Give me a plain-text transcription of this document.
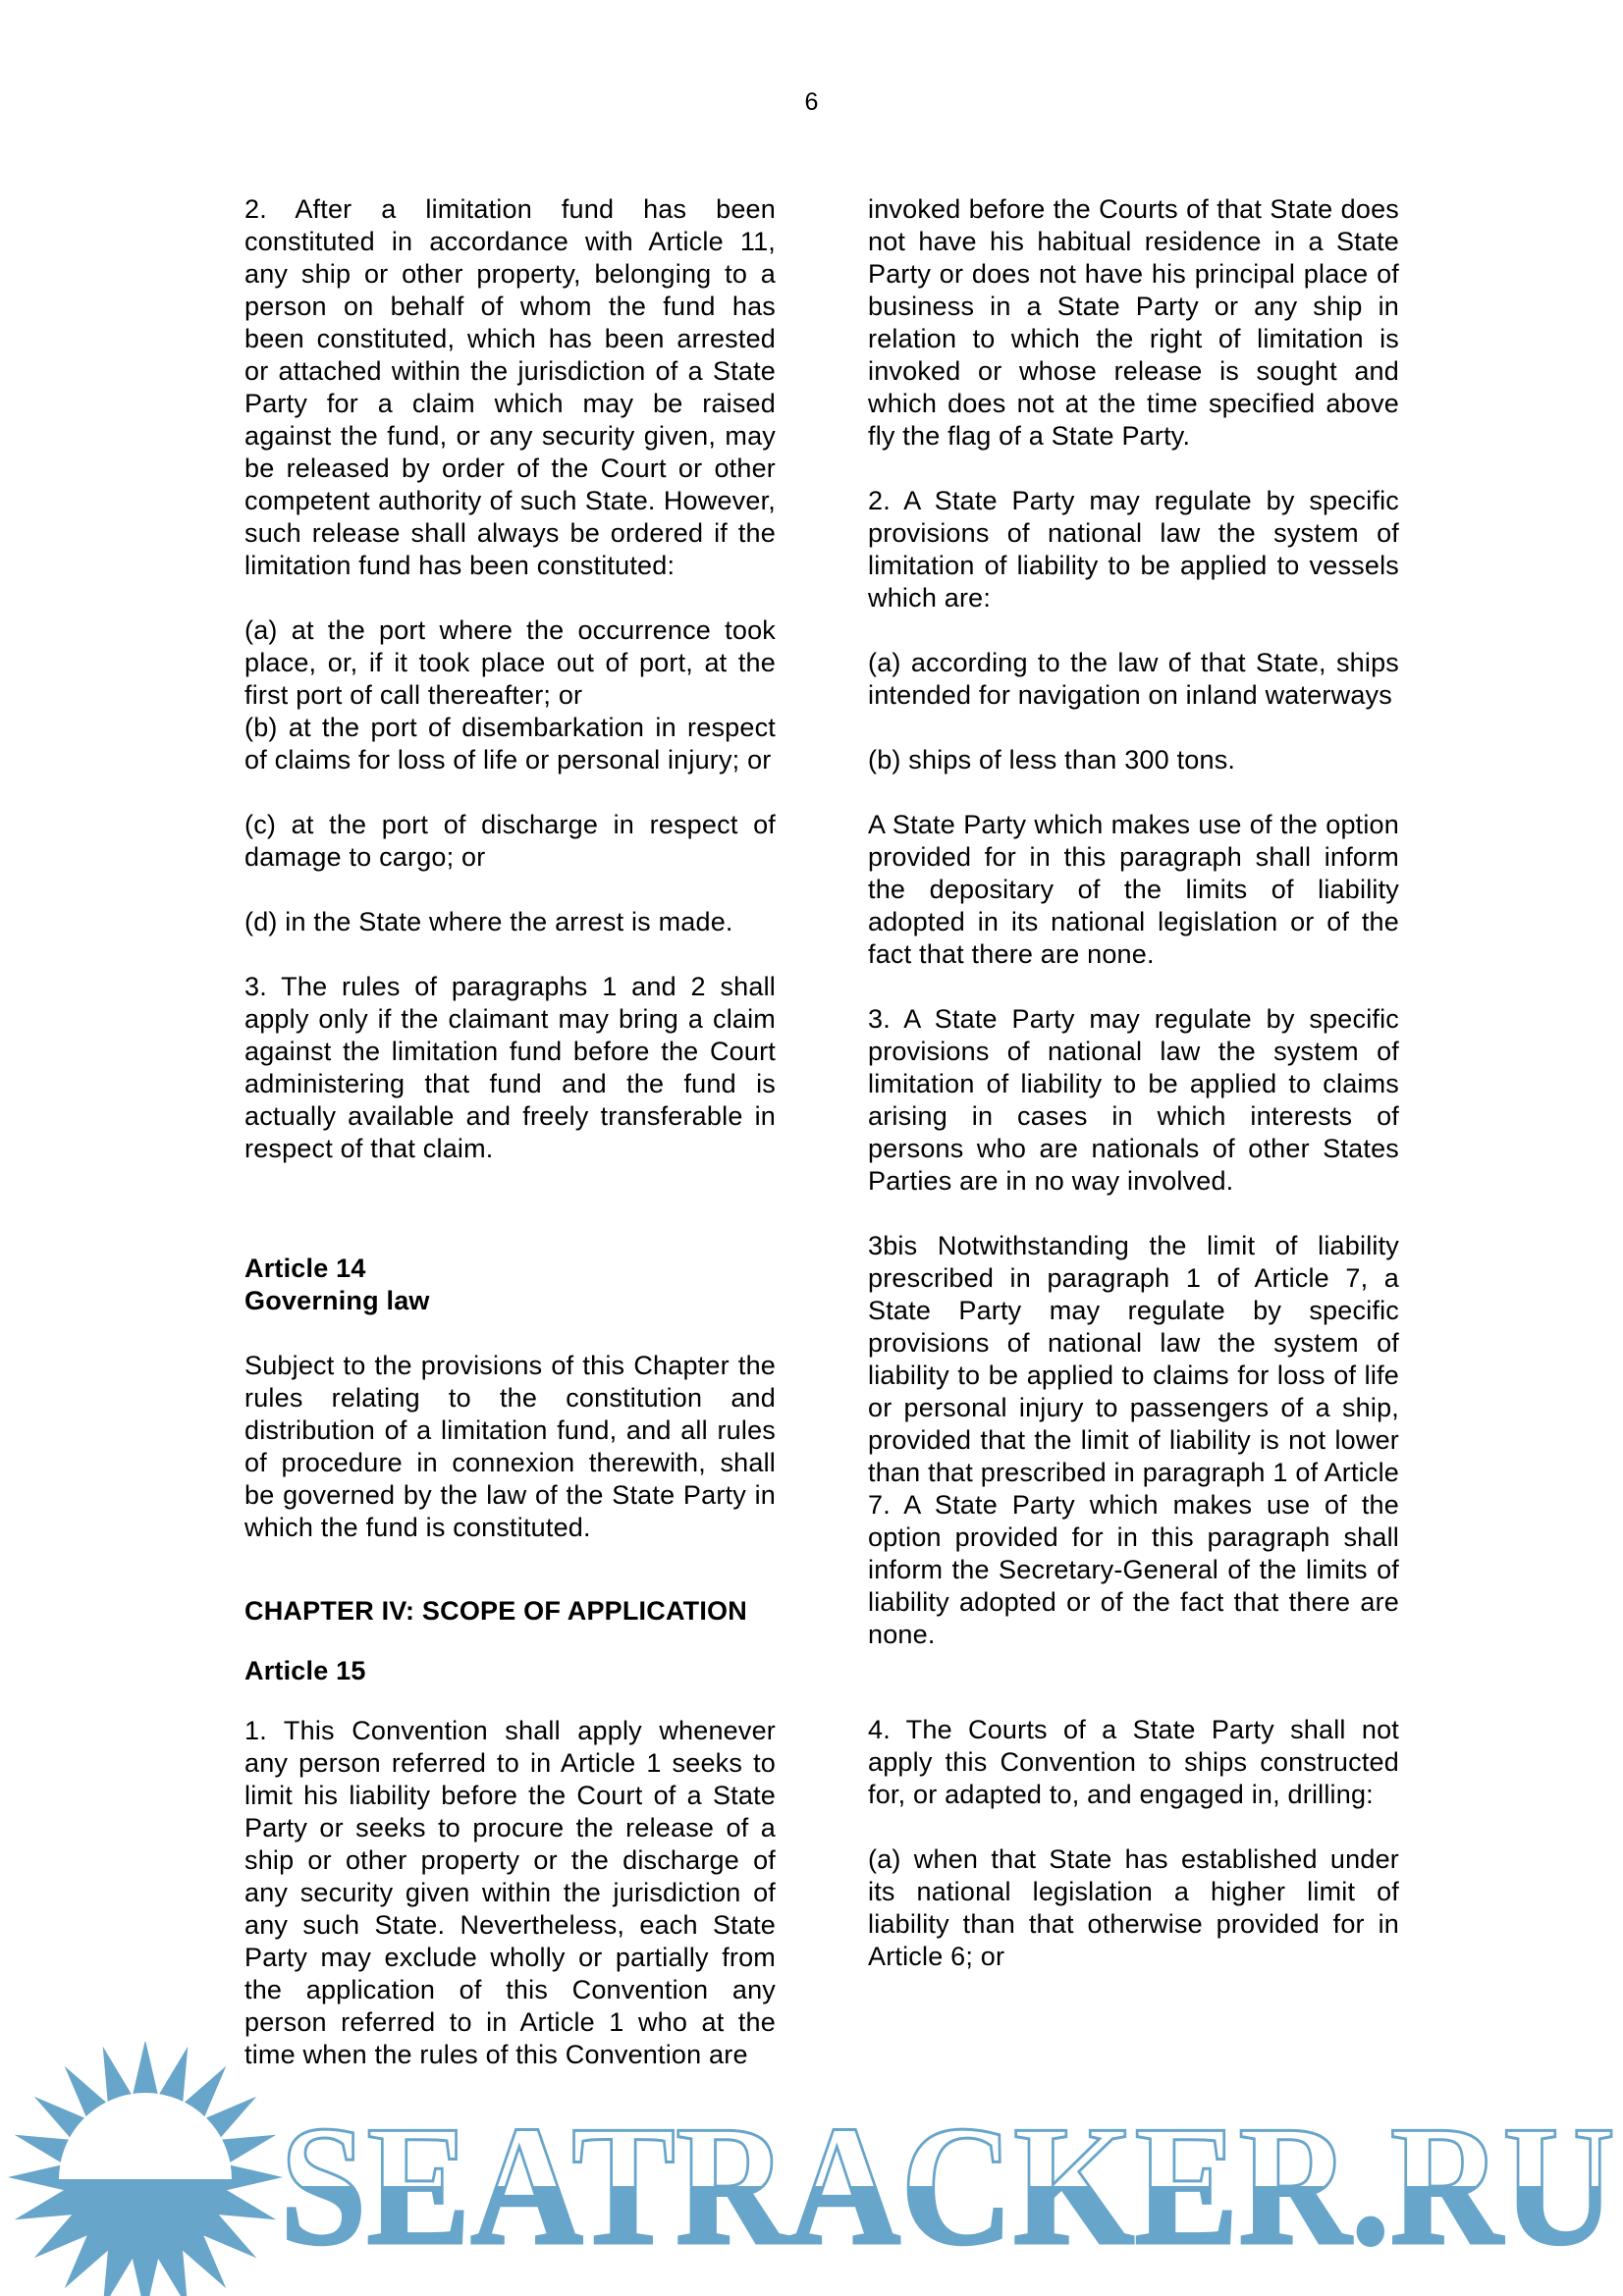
6

2. After a limitation fund has been constituted in accordance with Article 11, any ship or other property, belonging to a person on behalf of whom the fund has been constituted, which has been arrested or attached within the jurisdiction of a State Party for a claim which may be raised against the fund, or any security given, may be released by order of the Court or other competent authority of such State. However, such release shall always be ordered if the limitation fund has been constituted:

(a) at the port where the occurrence took place, or, if it took place out of port, at the first port of call thereafter; or

(b) at the port of disembarkation in respect of claims for loss of life or personal injury; or

(c) at the port of discharge in respect of damage to cargo; or

(d) in the State where the arrest is made.

3. The rules of paragraphs 1 and 2 shall apply only if the claimant may bring a claim against the limitation fund before the Court administering that fund and the fund is actually available and freely transferable in respect of that claim.

Article 14

Governing law

Subject to the provisions of this Chapter the rules relating to the constitution and distribution of a limitation fund, and all rules of procedure in connexion therewith, shall be governed by the law of the State Party in which the fund is constituted.

CHAPTER IV: SCOPE OF APPLICATION

Article 15

1. This Convention shall apply whenever any person referred to in Article 1 seeks to limit his liability before the Court of a State Party or seeks to procure the release of a ship or other property or the discharge of any security given within the jurisdiction of any such State. Nevertheless, each State Party may exclude wholly or partially from the application of this Convention any person referred to in Article 1 who at the time when the rules of this Convention are

invoked before the Courts of that State does not have his habitual residence in a State Party or does not have his principal place of business in a State Party or any ship in relation to which the right of limitation is invoked or whose release is sought and which does not at the time specified above fly the flag of a State Party.

2. A State Party may regulate by specific provisions of national law the system of limitation of liability to be applied to vessels which are:

(a) according to the law of that State, ships intended for navigation on inland waterways

(b) ships of less than 300 tons.

A State Party which makes use of the option provided for in this paragraph shall inform the depositary of the limits of liability adopted in its national legislation or of the fact that there are none.

3. A State Party may regulate by specific provisions of national law the system of limitation of liability to be applied to claims arising in cases in which interests of persons who are nationals of other States Parties are in no way involved.

3bis Notwithstanding the limit of liability prescribed in paragraph 1 of Article 7, a State Party may regulate by specific provisions of national law the system of liability to be applied to claims for loss of life or personal injury to passengers of a ship, provided that the limit of liability is not lower than that prescribed in paragraph 1 of Article 7. A State Party which makes use of the option provided for in this paragraph shall inform the Secretary-General of the limits of liability adopted or of the fact that there are none.

4. The Courts of a State Party shall not apply this Convention to ships constructed for, or adapted to, and engaged in, drilling:

(a) when that State has established under its national legislation a higher limit of liability than that otherwise provided for in Article 6; or

SEATRACKER.RU
